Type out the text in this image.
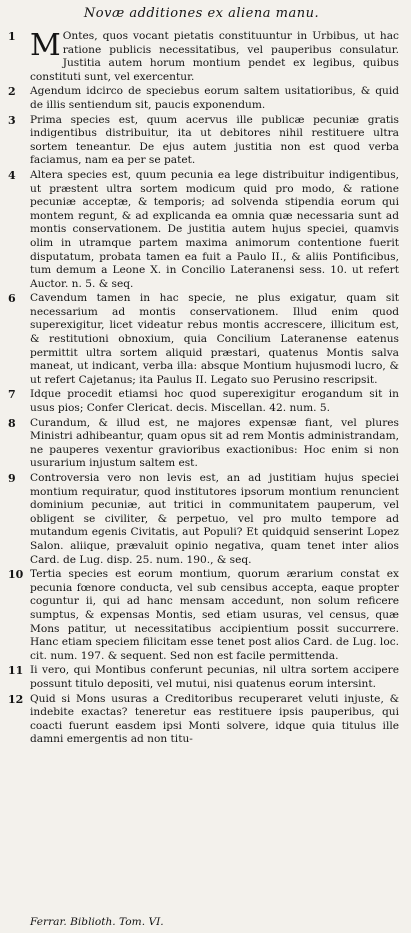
Novæ additiones ex aliena manu.
1 M Ontes, quos vocant pietatis constituuntur in Urbibus, ut hac ratione publicis necessitatibus, vel pauperibus consulatur. Justitia autem horum montium pendet ex legibus, quibus constituti sunt, vel exercentur.
2 Agendum idcirco de speciebus eorum saltem usitatioribus, & quid de illis sentiendum sit, paucis exponendum.
3 Prima species est, quum acervus ille publicæ pecuniæ gratis indigentibus distribuitur, ita ut debitores nihil restituere ultra sortem teneantur. De ejus autem justitia non est quod verba faciamus, nam ea per se patet.
4 Altera species est, quum pecunia ea lege distribuitur indigentibus, ut præstent ultra sortem modicum quid pro modo, & ratione pecuniæ acceptæ, & temporis; ad solvenda stipendia eorum qui montem regunt, & ad explicanda ea omnia quæ necessaria sunt ad montis conservationem. De justitia autem hujus speciei, quamvis olim in utramque partem maxima animorum contentione fuerit disputatum, probata tamen ea fuit a Paulo II., & aliis Pontificibus, tum demum a Leone X. in Concilio Lateranensi sess. 10. ut refert Auctor. n. 5. & seq.
6 Cavendum tamen in hac specie, ne plus exigatur, quam sit necessarium ad montis conservationem. Illud enim quod superexigitur, licet videatur rebus montis accrescere, illicitum est, & restitutioni obnoxium, quia Concilium Lateranense eatenus permittit ultra sortem aliquid præstari, quatenus Montis salva maneat, ut indicant, verba illa: absque Montium hujusmodi lucro, & ut refert Cajetanus; ita Paulus II. Legato suo Perusino rescripsit.
7 Idque procedit etiamsi hoc quod superexigitur erogandum sit in usus pios; Confer Clericat. decis. Miscellan. 42. num. 5.
8 Curandum, & illud est, ne majores expensæ fiant, vel plures Ministri adhibeantur, quam opus sit ad rem Montis administrandam, ne pauperes vexentur gravioribus exactionibus: Hoc enim si non usurarium injustum saltem est.
9 Controversia vero non levis est, an ad justitiam hujus speciei montium requiratur, quod institutores ipsorum montium renuncient dominium pecuniæ, aut tritici in communitatem pauperum, vel obligent se civiliter, & perpetuo, vel pro multo tempore ad mutandum egenis Civitatis, aut Populi? Et quidquid senserint Lopez Salon. aliique, prævaluit opinio negativa, quam tenet inter alios Card. de Lug. disp. 25. num. 190., & seq.
10 Tertia species est eorum montium, quorum ærarium constat ex pecunia fœnore conducta, vel sub censibus accepta, eaque propter coguntur ii, qui ad hanc mensam accedunt, non solum reficere sumptus, & expensas Montis, sed etiam usuras, vel census, quæ Mons patitur, ut necessitatibus accipientium possit succurrere. Hanc etiam speciem filicitam esse tenet post alios Card. de Lug. loc. cit. num. 197. & sequent. Sed non est facile permittenda.
11 Ii vero, qui Montibus conferunt pecunias, nil ultra sortem accipere possunt titulo depositi, vel mutui, nisi quatenus eorum intersint.
12 Quid si Mons usuras a Creditoribus recuperaret veluti injuste, & indebite exactas? teneretur eas restituere ipsis pauperibus, qui coacti fuerunt easdem ipsi Monti solvere, idque quia titulus ille damni emergentis ad non titu-
Ferrar. Biblioth. Tom. VI.
